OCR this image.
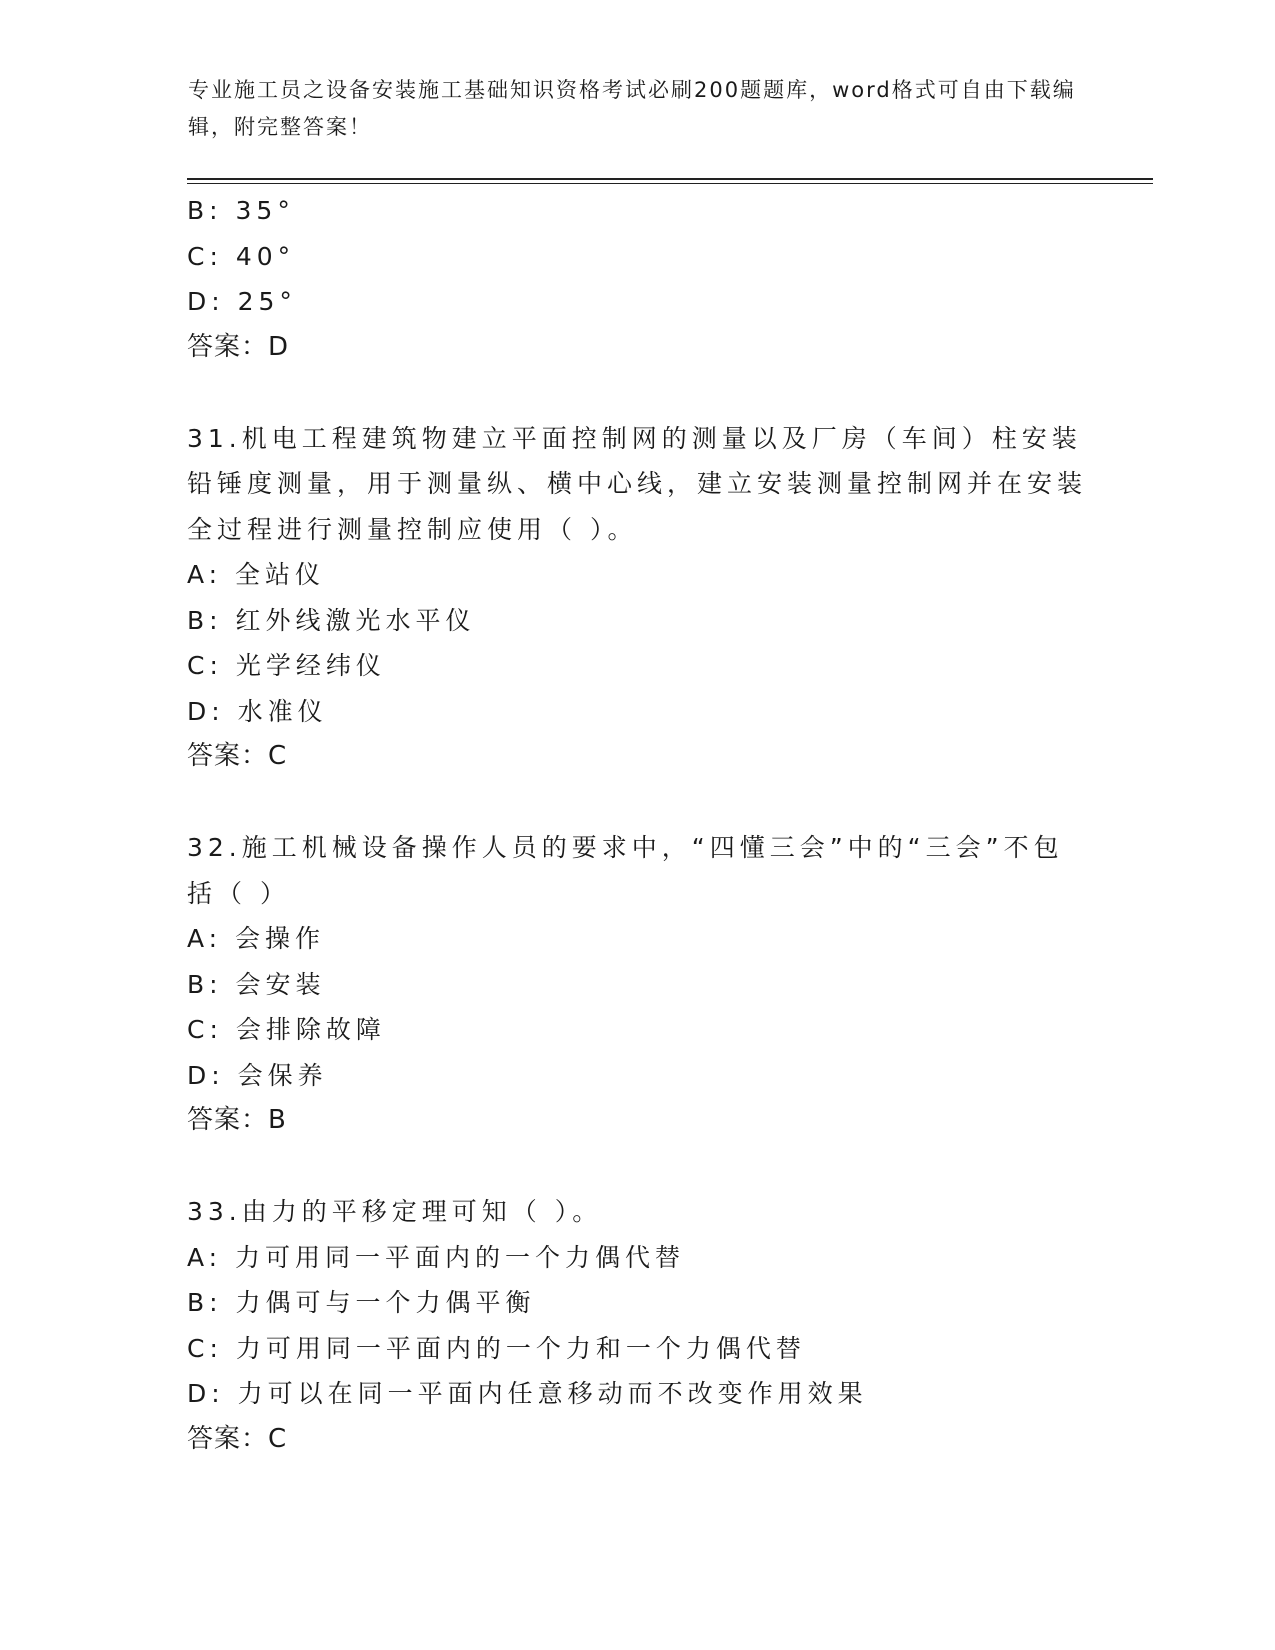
专业施工员之设备安装施工基础知识资格考试必刷200题题库，word格式可自由下载编辑，附完整答案！
B: 35°
C: 40°
D: 25°
答案：D
31.机电工程建筑物建立平面控制网的测量以及厂房（车间）柱安装铅锤度测量，用于测量纵、横中心线，建立安装测量控制网并在安装全过程进行测量控制应使用（ ）。
A: 全站仪
B: 红外线激光水平仪
C: 光学经纬仪
D: 水准仪
答案：C
32.施工机械设备操作人员的要求中，“四懂三会”中的“三会”不包括（ ）
A: 会操作
B: 会安装
C: 会排除故障
D: 会保养
答案：B
33.由力的平移定理可知（ ）。
A: 力可用同一平面内的一个力偶代替
B: 力偶可与一个力偶平衡
C: 力可用同一平面内的一个力和一个力偶代替
D: 力可以在同一平面内任意移动而不改变作用效果
答案：C
